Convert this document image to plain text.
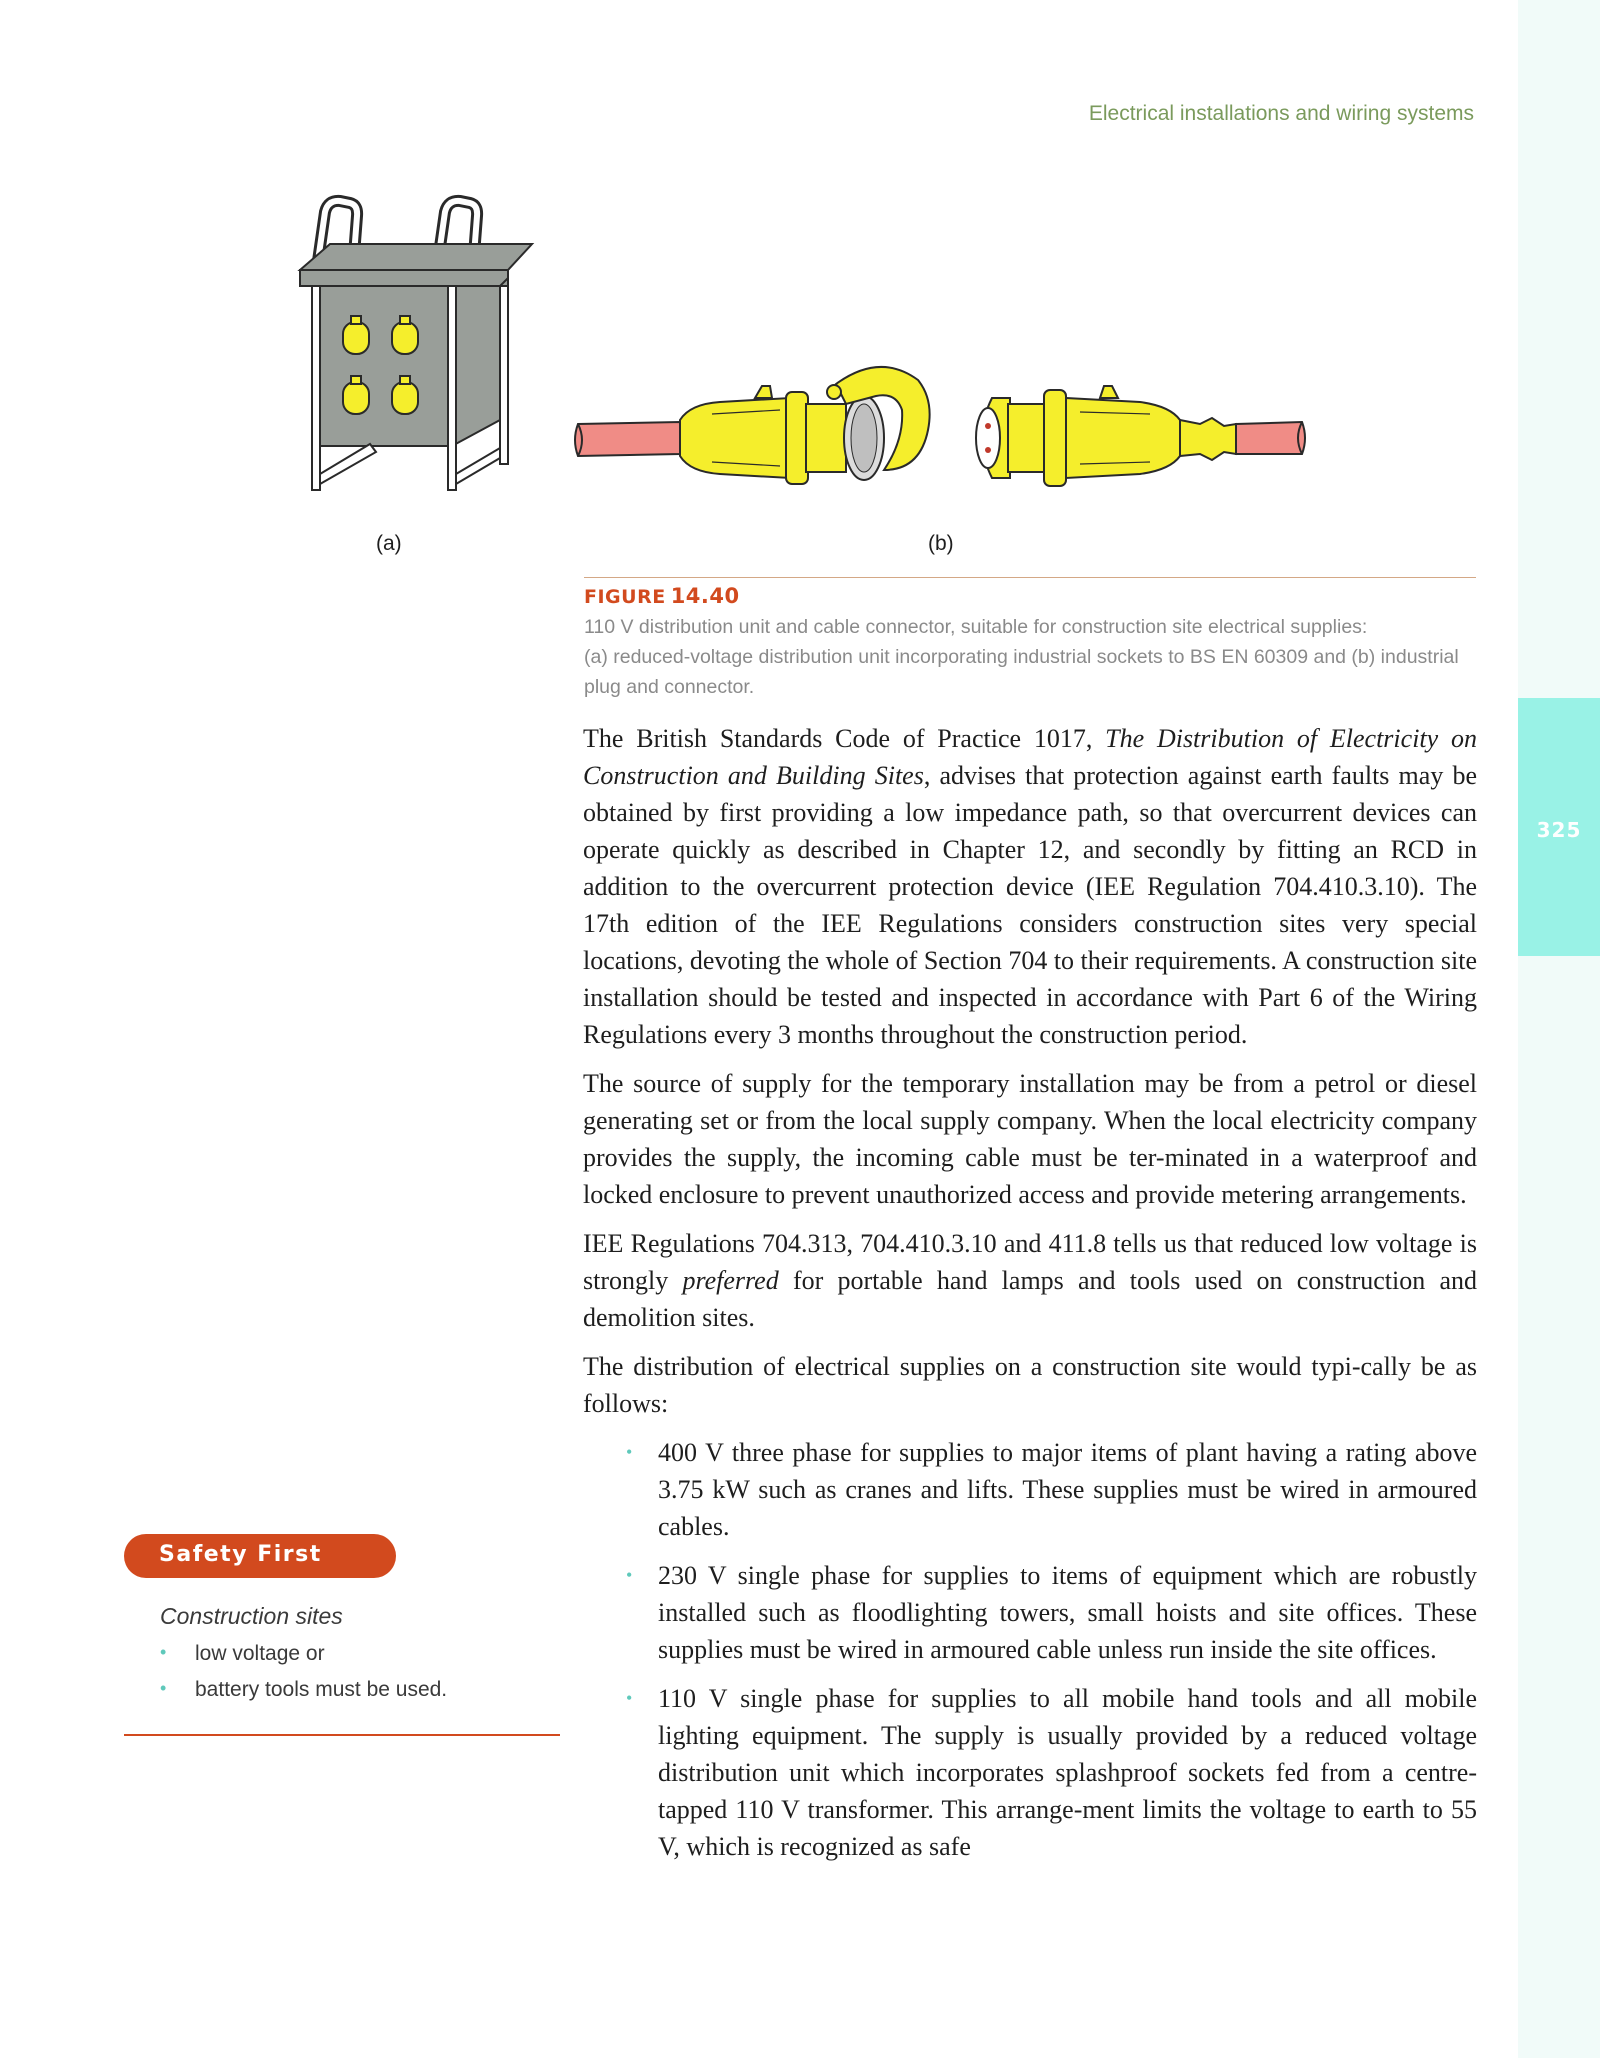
325
Electrical installations and wiring systems
(a)	(b)
FIGURE 14.40
110 V distribution unit and cable connector, suitable for construction site electrical supplies:
(a) reduced-voltage distribution unit incorporating industrial sockets to BS EN 60309 and (b) industrial
plug and connector.

The British Standards Code of Practice 1017, The Distribution of Electricity on Construction and Building Sites, advises that protection against earth faults may be obtained by first providing a low impedance path, so that overcurrent devices can operate quickly as described in Chapter 12, and secondly by fitting an RCD in addition to the overcurrent protection device (IEE Regulation 704.410.3.10). The 17th edition of the IEE Regulations considers construction sites very special locations, devoting the whole of Section 704 to their requirements. A construction site installation should be tested and inspected in accordance with Part 6 of the Wiring Regulations every 3 months throughout the construction period.

The source of supply for the temporary installation may be from a petrol or diesel generating set or from the local supply company. When the local electricity company provides the supply, the incoming cable must be ter-minated in a waterproof and locked enclosure to prevent unauthorized access and provide metering arrangements.

IEE Regulations 704.313, 704.410.3.10 and 411.8 tells us that reduced low voltage is strongly preferred for portable hand lamps and tools used on construction and demolition sites.

The distribution of electrical supplies on a construction site would typi-cally be as follows:

• 400 V three phase for supplies to major items of plant having a rating above 3.75 kW such as cranes and lifts. These supplies must be wired in armoured cables.
• 230 V single phase for supplies to items of equipment which are robustly installed such as floodlighting towers, small hoists and site offices. These supplies must be wired in armoured cable unless run inside the site offices.
• 110 V single phase for supplies to all mobile hand tools and all mobile lighting equipment. The supply is usually provided by a reduced voltage distribution unit which incorporates splashproof sockets fed from a centre-tapped 110 V transformer. This arrange-ment limits the voltage to earth to 55 V, which is recognized as safe
Safety First
Construction sites
• low voltage or
• battery tools must be used.
